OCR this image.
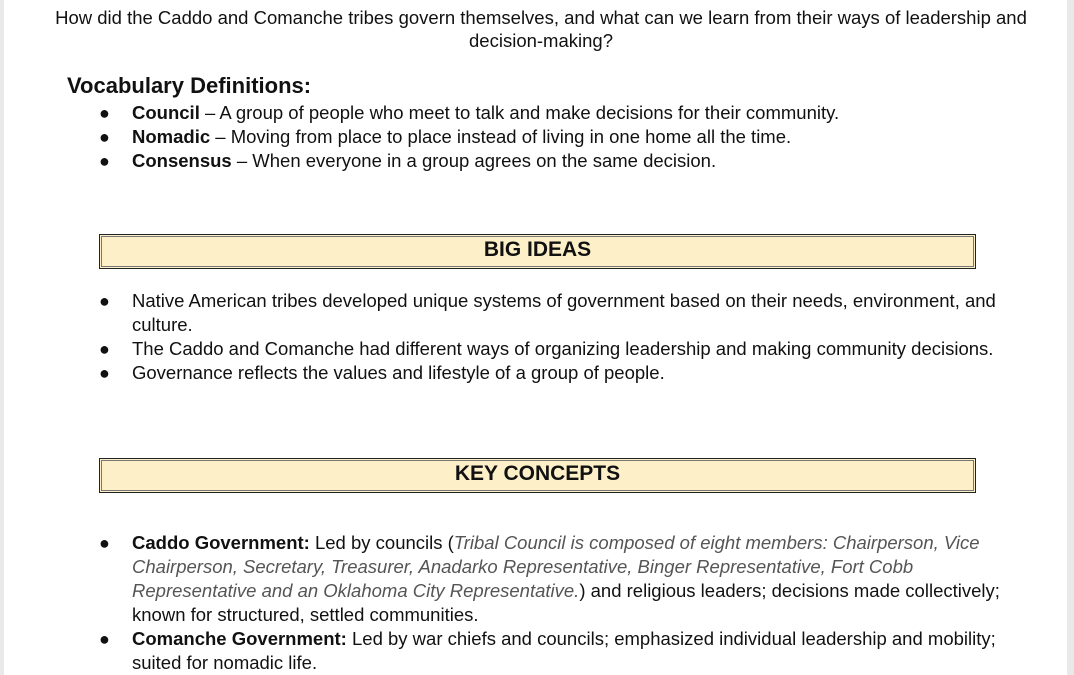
How did the Caddo and Comanche tribes govern themselves, and what can we learn from their ways of leadership and decision-making?
Vocabulary Definitions:
● Council – A group of people who meet to talk and make decisions for their community.
● Nomadic – Moving from place to place instead of living in one home all the time.
● Consensus – When everyone in a group agrees on the same decision.
BIG IDEAS
● Native American tribes developed unique systems of government based on their needs, environment, and culture.
● The Caddo and Comanche had different ways of organizing leadership and making community decisions.
● Governance reflects the values and lifestyle of a group of people.
KEY CONCEPTS
● Caddo Government: Led by councils (Tribal Council is composed of eight members: Chairperson, Vice Chairperson, Secretary, Treasurer, Anadarko Representative, Binger Representative, Fort Cobb Representative and an Oklahoma City Representative.) and religious leaders; decisions made collectively; known for structured, settled communities.
● Comanche Government: Led by war chiefs and councils; emphasized individual leadership and mobility; suited for nomadic life.
